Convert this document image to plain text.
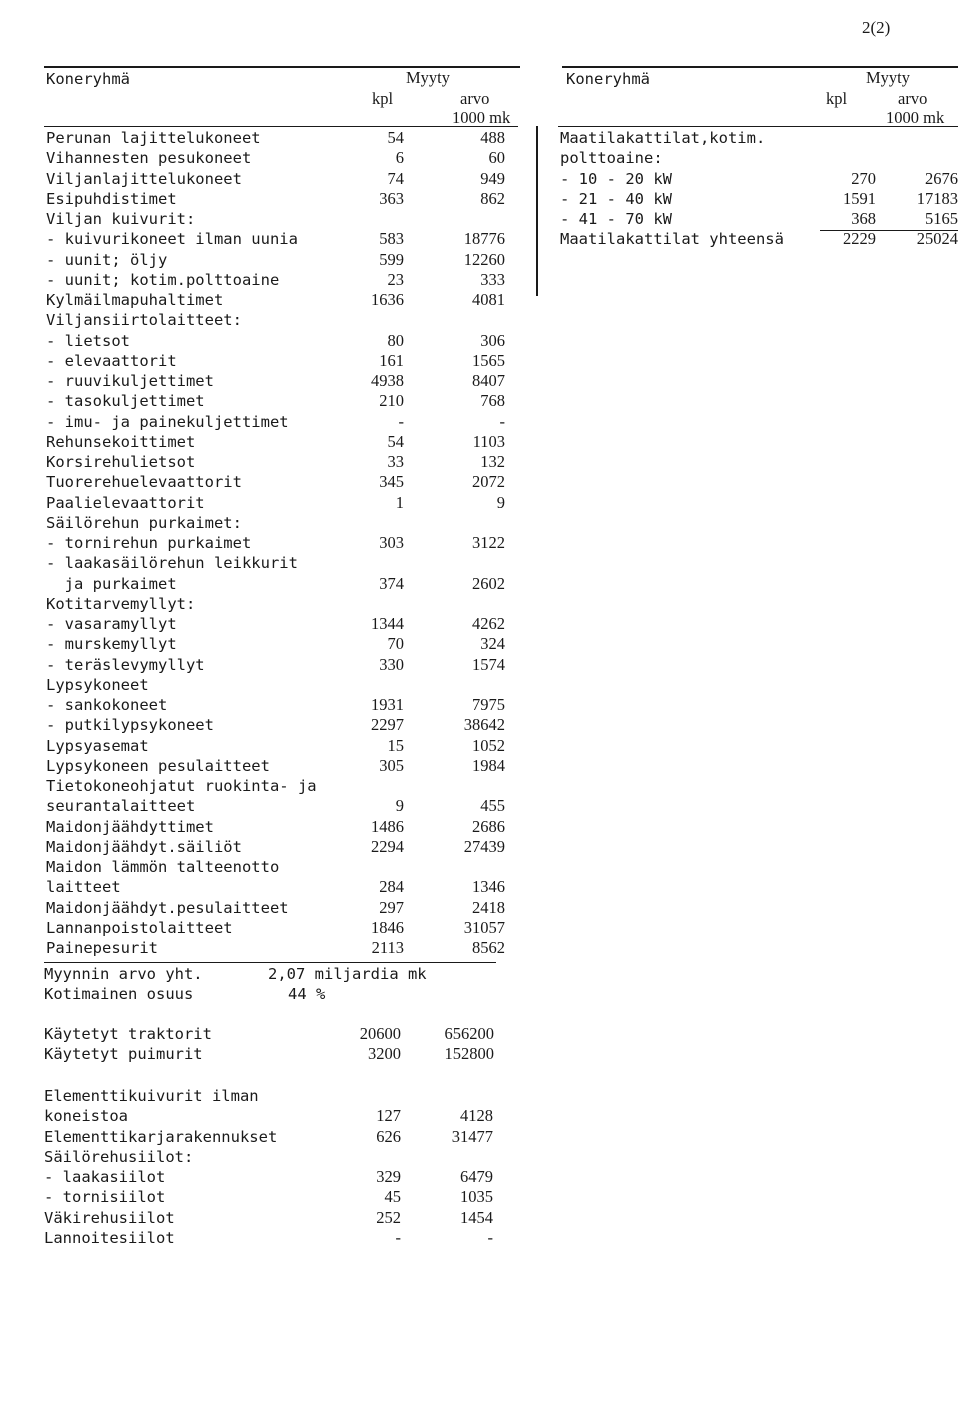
2(2)
Koneryhmä	Myyty
kpl	arvo
1000 mk
Perunan lajittelukoneet	54	488
Vihannesten pesukoneet	6	60
Viljanlajittelukoneet	74	949
Esipuhdistimet	363	862
Viljan kuivurit:
- kuivurikoneet ilman uunia	583	18776
- uunit; öljy	599	12260
- uunit; kotim.polttoaine	23	333
Kylmäilmapuhaltimet	1636	4081
Viljansiirtolaitteet:
- lietsot	80	306
- elevaattorit	161	1565
- ruuvikuljettimet	4938	8407
- tasokuljettimet	210	768
- imu- ja painekuljettimet	-	-
Rehunsekoittimet	54	1103
Korsirehulietsot	33	132
Tuorerehuelevaattorit	345	2072
Paalielevaattorit	1	9
Säilörehun purkaimet:
- tornirehun purkaimet	303	3122
- laakasäilörehun leikkurit
ja purkaimet	374	2602
Kotitarvemyllyt:
- vasaramyllyt	1344	4262
- murskemyllyt	70	324
- teräslevymyllyt	330	1574
Lypsykoneet
- sankokoneet	1931	7975
- putkilypsykoneet	2297	38642
Lypsyasemat	15	1052
Lypsykoneen pesulaitteet	305	1984
Tietokoneohjatut ruokinta- ja
seurantalaitteet	9	455
Maidonjäähdyttimet	1486	2686
Maidonjäähdyt.säiliöt	2294	27439
Maidon lämmön talteenotto
laitteet	284	1346
Maidonjäähdyt.pesulaitteet	297	2418
Lannanpoistolaitteet	1846	31057
Painepesurit	2113	8562
Myynnin arvo yht.	2,07 miljardia mk
Kotimainen osuus	44 %
Käytetyt traktorit	20600	656200
Käytetyt puimurit	3200	152800
Elementtikuivurit ilman
koneistoa	127	4128
Elementtikarjarakennukset	626	31477
Säilörehusiilot:
- laakasiilot	329	6479
- tornisiilot	45	1035
Väkirehusiilot	252	1454
Lannoitesiilot	-	-
Koneryhmä	Myyty
kpl	arvo
1000 mk
Maatilakattilat,kotim.
polttoaine:
- 10 - 20 kW	270	2676
- 21 - 40 kW	1591	17183
- 41 - 70 kW	368	5165
Maatilakattilat yhteensä	2229	25024
